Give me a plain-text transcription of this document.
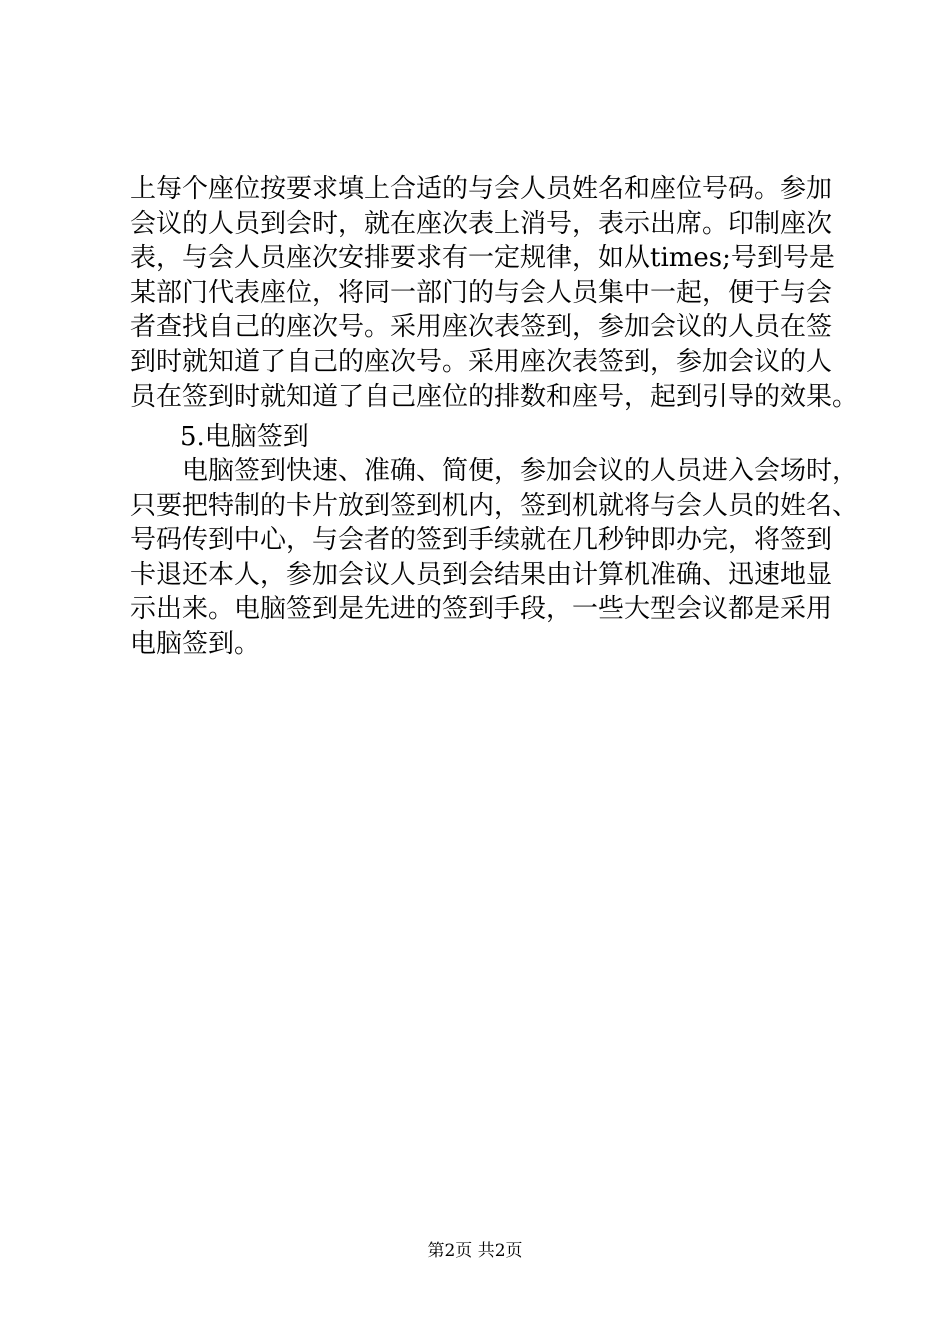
上每个座位按要求填上合适的与会人员姓名和座位号码。参加
会议的人员到会时，就在座次表上消号，表示出席。印制座次
表，与会人员座次安排要求有一定规律，如从times;号到号是
某部门代表座位，将同一部门的与会人员集中一起，便于与会
者查找自己的座次号。采用座次表签到，参加会议的人员在签
到时就知道了自己的座次号。采用座次表签到，参加会议的人
员在签到时就知道了自己座位的排数和座号，起到引导的效果。
5.电脑签到
电脑签到快速、准确、简便，参加会议的人员进入会场时，
只要把特制的卡片放到签到机内，签到机就将与会人员的姓名、
号码传到中心，与会者的签到手续就在几秒钟即办完，将签到
卡退还本人，参加会议人员到会结果由计算机准确、迅速地显
示出来。电脑签到是先进的签到手段，一些大型会议都是采用
电脑签到。
第2页 共2页
